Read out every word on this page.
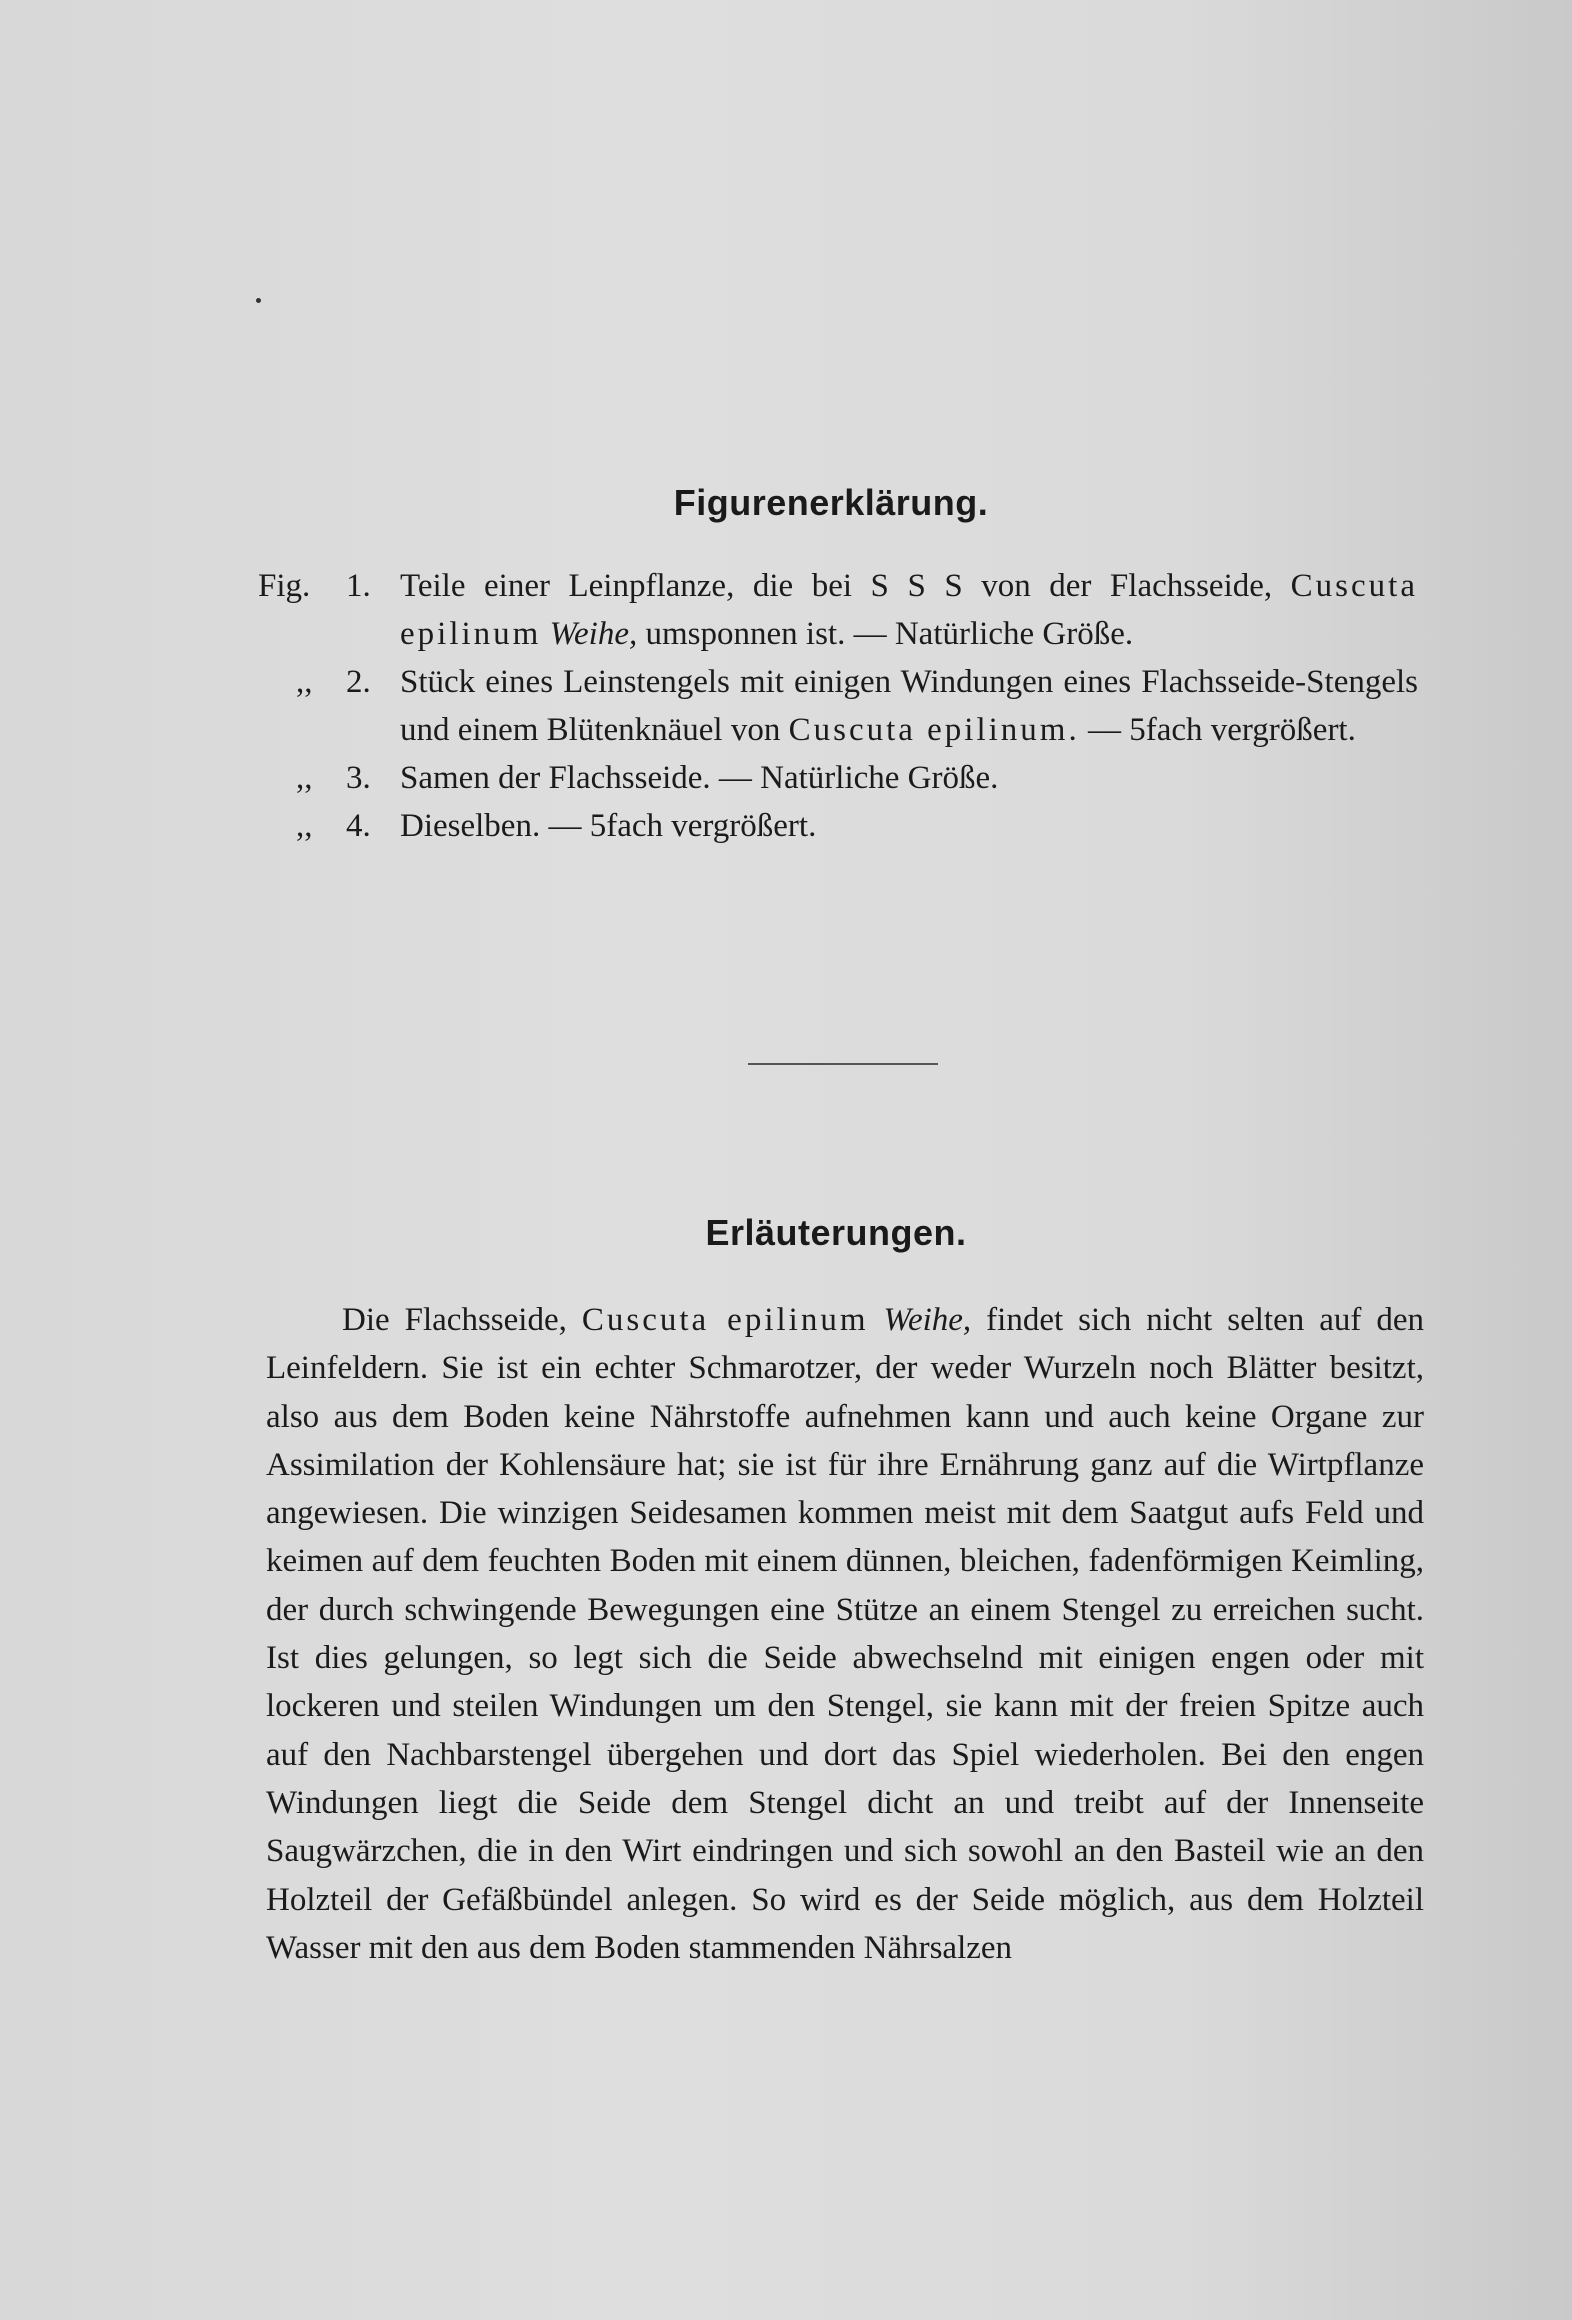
Figurenerklärung.
Fig.	1. Teile einer Leinpflanze, die bei S S S von der Flachsseide, Cuscuta epilinum Weihe, umsponnen ist. — Natürliche Größe.
,,	2. Stück eines Leinstengels mit einigen Windungen eines Flachsseide-Stengels und einem Blütenknäuel von Cuscuta epilinum. — 5fach vergrößert.
,,	3. Samen der Flachsseide. — Natürliche Größe.
,,	4. Dieselben. — 5fach vergrößert.
Erläuterungen.

Die Flachsseide, Cuscuta epilinum Weihe, findet sich nicht selten auf den Leinfeldern. Sie ist ein echter Schmarotzer, der weder Wurzeln noch Blätter besitzt, also aus dem Boden keine Nährstoffe aufnehmen kann und auch keine Organe zur Assimilation der Kohlensäure hat; sie ist für ihre Ernährung ganz auf die Wirtpflanze angewiesen. Die winzigen Seidesamen kommen meist mit dem Saatgut aufs Feld und keimen auf dem feuchten Boden mit einem dünnen, bleichen, fadenförmigen Keimling, der durch schwingende Bewegungen eine Stütze an einem Stengel zu erreichen sucht. Ist dies gelungen, so legt sich die Seide abwechselnd mit einigen engen oder mit lockeren und steilen Windungen um den Stengel, sie kann mit der freien Spitze auch auf den Nachbarstengel übergehen und dort das Spiel wiederholen. Bei den engen Windungen liegt die Seide dem Stengel dicht an und treibt auf der Innenseite Saugwärzchen, die in den Wirt eindringen und sich sowohl an den Basteil wie an den Holzteil der Gefäßbündel anlegen. So wird es der Seide möglich, aus dem Holzteil Wasser mit den aus dem Boden stammenden Nährsalzen
